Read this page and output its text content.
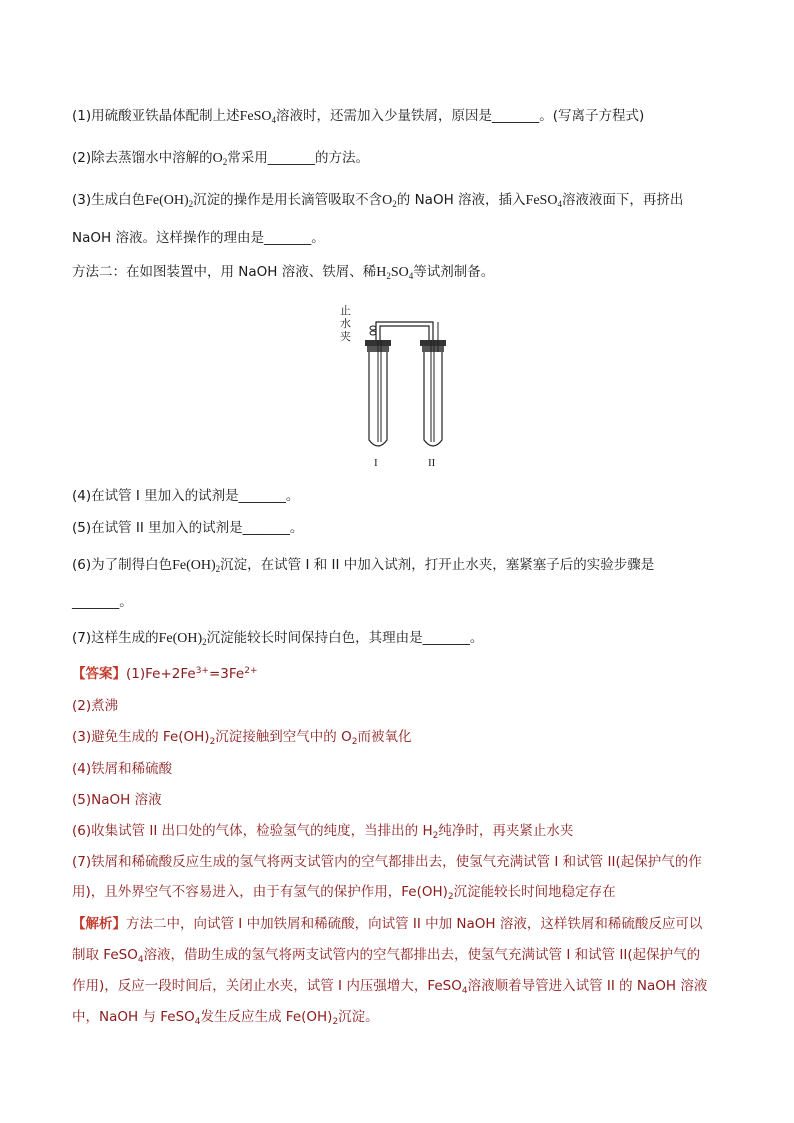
(1)用硫酸亚铁晶体配制上述FeSO$_4$溶液时，还需加入少量铁屑，原因是_______。(写离子方程式)
(2)除去蒸馏水中溶解的$O_2$常采用_______的方法。
(3)生成白色$Fe(OH)_2$沉淀的操作是用长滴管吸取不含$O_2$的 NaOH 溶液，插入FeSO$_4$溶液液面下，再挤出
NaOH 溶液。这样操作的理由是_______。
方法二：在如图装置中，用 NaOH 溶液、铁屑、稀$H_2SO_4$等试剂制备。
止
水
夹
I	II
(4)在试管 I 里加入的试剂是_______。
(5)在试管 II 里加入的试剂是_______。
(6)为了制得白色$Fe(OH)_2$沉淀，在试管 I 和 II 中加入试剂，打开止水夹，塞紧塞子后的实验步骤是
_______。
(7)这样生成的$Fe(OH)_2$沉淀能较长时间保持白色，其理由是_______。
【答案】$(1)Fe+2Fe^{3+}=3Fe^{2+}$
(2)煮沸
(3)避免生成的 $Fe(OH)_2$沉淀接触到空气中的 $O_2$而被氧化
(4)铁屑和稀硫酸
(5)NaOH 溶液
(6)收集试管 II 出口处的气体，检验氢气的纯度，当排出的 $H_2$纯净时，再夹紧止水夹
(7)铁屑和稀硫酸反应生成的氢气将两支试管内的空气都排出去，使氢气充满试管 I 和试管 II(起保护气的作
用)，且外界空气不容易进入，由于有氢气的保护作用，$Fe(OH)_2$沉淀能较长时间地稳定存在
【解析】方法二中，向试管 I 中加铁屑和稀硫酸，向试管 II 中加 NaOH 溶液，这样铁屑和稀硫酸反应可以
制取 FeSO$_4$溶液，借助生成的氢气将两支试管内的空气都排出去，使氢气充满试管 I 和试管 II(起保护气的
作用)，反应一段时间后，关闭止水夹，试管 I 内压强增大，FeSO$_4$溶液顺着导管进入试管 II 的 NaOH 溶液
中，NaOH 与 FeSO$_4$发生反应生成 $Fe(OH)_2$沉淀。
